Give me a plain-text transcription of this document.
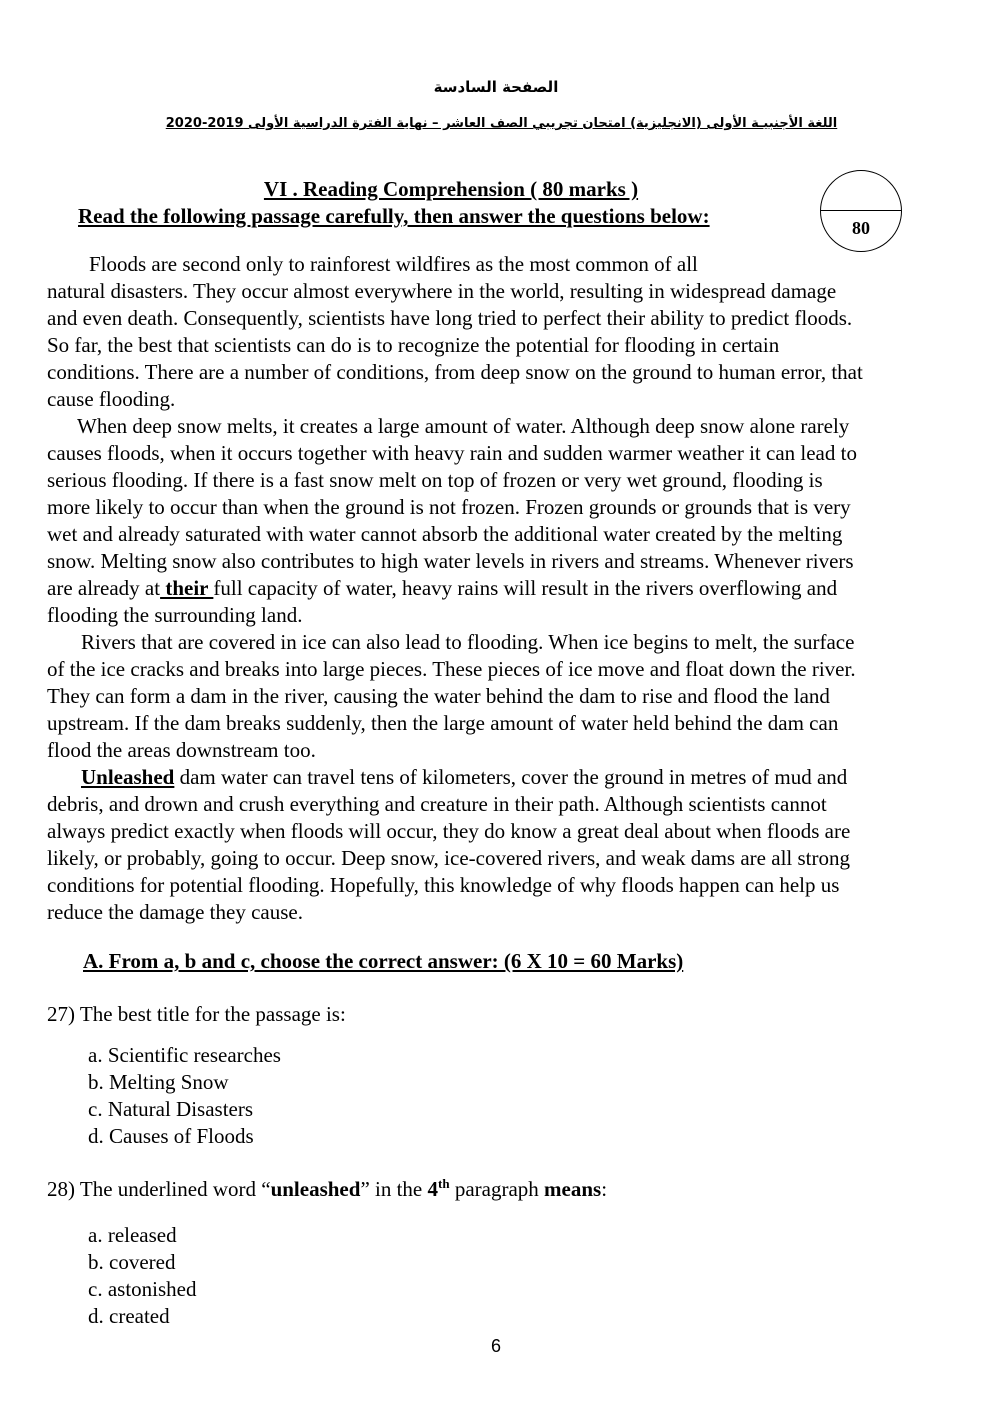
الصفحة السادسة
اللغة الأجنبيـة الأولى (الانجليزية) امتحان تجريبي الصف العاشر – نهاية الفترة الدراسية الأولى 2019-2020
VI . Reading Comprehension ( 80 marks )
Read the following passage carefully, then answer the questions below:	80
Floods are second only to rainforest wildfires as the most common of all
natural disasters. They occur almost everywhere in the world, resulting in widespread damage
and even death. Consequently, scientists have long tried to perfect their ability to predict floods.
So far, the best that scientists can do is to recognize the potential for flooding in certain
conditions. There are a number of conditions, from deep snow on the ground to human error, that
cause flooding.
When deep snow melts, it creates a large amount of water. Although deep snow alone rarely
causes floods, when it occurs together with heavy rain and sudden warmer weather it can lead to
serious flooding. If there is a fast snow melt on top of frozen or very wet ground, flooding is
more likely to occur than when the ground is not frozen. Frozen grounds or grounds that is very
wet and already saturated with water cannot absorb the additional water created by the melting
snow. Melting snow also contributes to high water levels in rivers and streams. Whenever rivers
are already at their full capacity of water, heavy rains will result in the rivers overflowing and
flooding the surrounding land.
Rivers that are covered in ice can also lead to flooding. When ice begins to melt, the surface
of the ice cracks and breaks into large pieces. These pieces of ice move and float down the river.
They can form a dam in the river, causing the water behind the dam to rise and flood the land
upstream. If the dam breaks suddenly, then the large amount of water held behind the dam can
flood the areas downstream too.
Unleashed dam water can travel tens of kilometers, cover the ground in metres of mud and
debris, and drown and crush everything and creature in their path. Although scientists cannot
always predict exactly when floods will occur, they do know a great deal about when floods are
likely, or probably, going to occur. Deep snow, ice-covered rivers, and weak dams are all strong
conditions for potential flooding. Hopefully, this knowledge of why floods happen can help us
reduce the damage they cause.
A. From a, b and c, choose the correct answer: (6 X 10 = 60 Marks)
27) The best title for the passage is:
a. Scientific researches
b. Melting Snow
c. Natural Disasters
d. Causes of Floods
28) The underlined word “unleashed” in the 4th paragraph means:
a. released
b. covered
c. astonished
d. created
6
